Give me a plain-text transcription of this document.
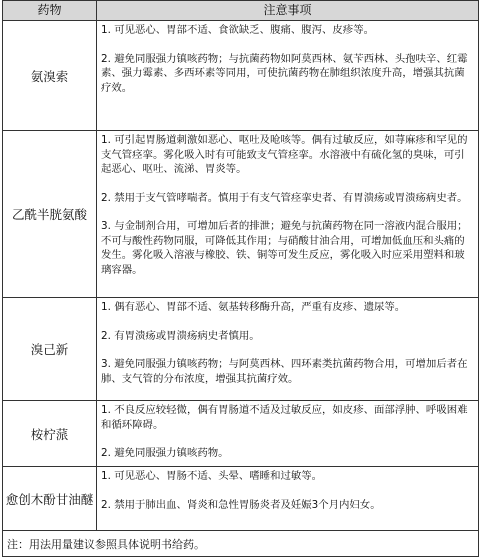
药物	注意事项
氨溴索	1. 可见恶心、胃部不适、食欲缺乏、腹痛、腹泻、皮疹等。

2. 避免同服强力镇咳药物；与抗菌药物如阿莫西林、氨苄西林、头孢呋辛、红霉素、强力霉素、多西环素等同用，可使抗菌药物在肺组织浓度升高，增强其抗菌疗效。

乙酰半胱氨酸	1. 可引起胃肠道刺激如恶心、呕吐及呛咳等。偶有过敏反应，如荨麻疹和罕见的支气管痉挛。雾化吸入时有可能致支气管痉挛。水溶液中有硫化氢的臭味，可引起恶心、呕吐、流涕、胃炎等。

2. 禁用于支气管哮喘者。慎用于有支气管痉挛史者、有胃溃疡或胃溃疡病史者。

3. 与金制剂合用，可增加后者的排泄；避免与抗菌药物在同一溶液内混合服用；不可与酸性药物同服，可降低其作用；与硝酸甘油合用，可增加低血压和头痛的发生。雾化吸入溶液与橡胶、铁、铜等可发生反应，雾化吸入时应采用塑料和玻璃容器。

溴己新	1. 偶有恶心、胃部不适、氨基转移酶升高，严重有皮疹、遗尿等。

2. 有胃溃疡或胃溃疡病史者慎用。

3. 避免同服强力镇咳药物；与阿莫西林、四环素类抗菌药物合用，可增加后者在肺、支气管的分布浓度，增强其抗菌疗效。

桉柠蒎	1. 不良反应较轻微，偶有胃肠道不适及过敏反应，如皮疹、面部浮肿、呼吸困难和循环障碍。

2. 避免同服强力镇咳药物。

愈创木酚甘油醚	1. 可见恶心、胃肠不适、头晕、嗜睡和过敏等。

2. 禁用于肺出血、肾炎和急性胃肠炎者及妊娠3个月内妇女。

注：用法用量建议参照具体说明书给药。	
